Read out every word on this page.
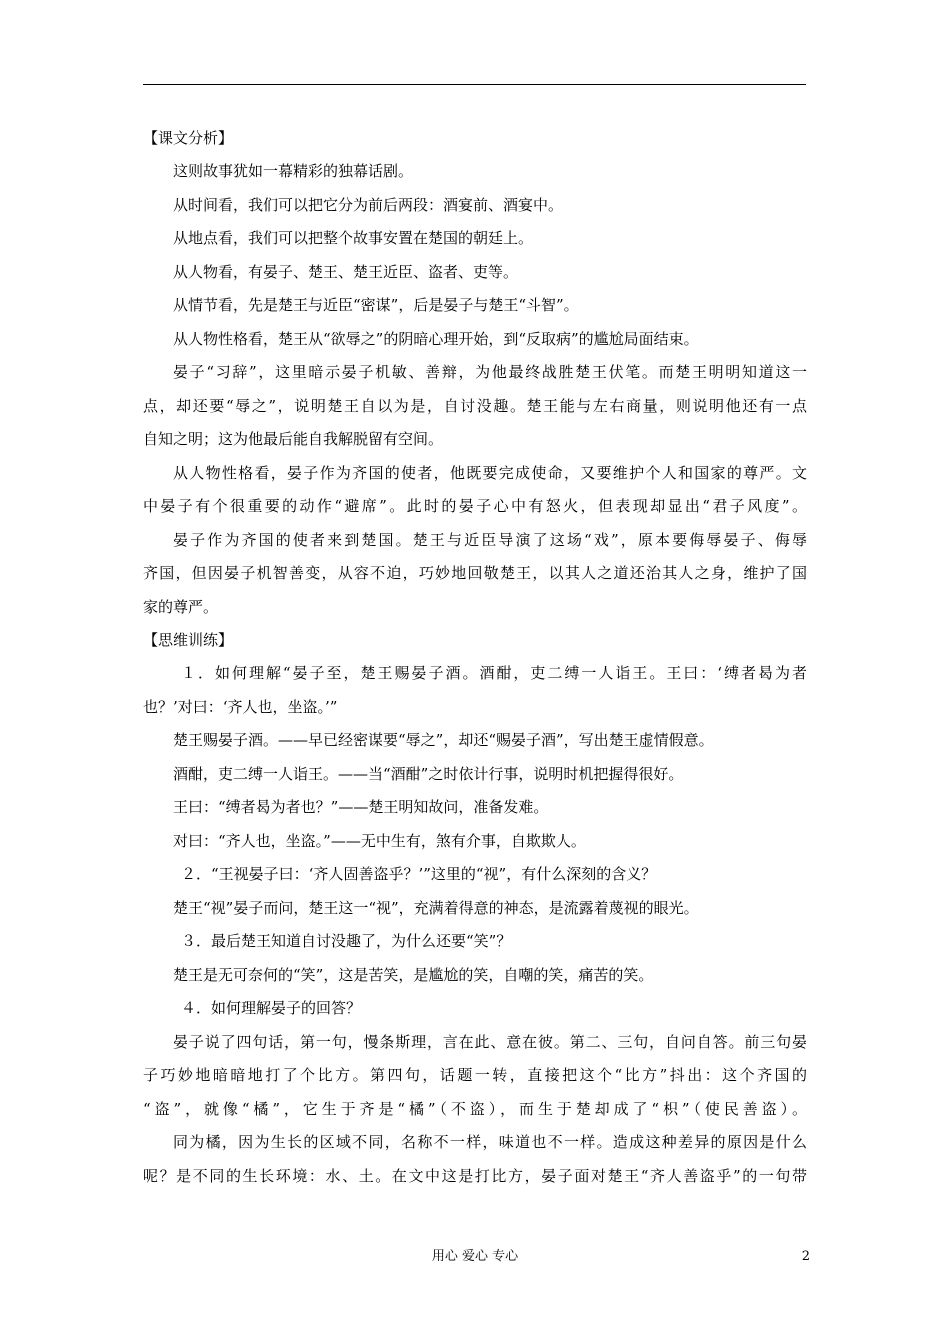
【课文分析】
这则故事犹如一幕精彩的独幕话剧。
从时间看，我们可以把它分为前后两段：酒宴前、酒宴中。
从地点看，我们可以把整个故事安置在楚国的朝廷上。
从人物看，有晏子、楚王、楚王近臣、盗者、吏等。
从情节看，先是楚王与近臣“密谋”，后是晏子与楚王“斗智”。
从人物性格看，楚王从“欲辱之”的阴暗心理开始，到“反取病”的尴尬局面结束。
晏子“习辞”，这里暗示晏子机敏、善辩，为他最终战胜楚王伏笔。而楚王明明知道这一
点，却还要“辱之”，说明楚王自以为是，自讨没趣。楚王能与左右商量，则说明他还有一点
自知之明；这为他最后能自我解脱留有空间。
从人物性格看，晏子作为齐国的使者，他既要完成使命，又要维护个人和国家的尊严。文
中晏子有个很重要的动作“避席”。此时的晏子心中有怒火，但表现却显出“君子风度”。
晏子作为齐国的使者来到楚国。楚王与近臣导演了这场“戏”，原本要侮辱晏子、侮辱
齐国，但因晏子机智善变，从容不迫，巧妙地回敬楚王，以其人之道还治其人之身，维护了国
家的尊严。
【思维训练】
１．如何理解“晏子至，楚王赐晏子酒。酒酣，吏二缚一人诣王。王曰：‘缚者曷为者
也？’对曰：‘齐人也，坐盗。’”
楚王赐晏子酒。——早已经密谋要“辱之”，却还“赐晏子酒”，写出楚王虚情假意。
酒酣，吏二缚一人诣王。——当“酒酣”之时依计行事，说明时机把握得很好。
王曰：“缚者曷为者也？”——楚王明知故问，准备发难。
对曰：“齐人也，坐盗。”——无中生有，煞有介事，自欺欺人。
２．“王视晏子曰：‘齐人固善盗乎？’”这里的“视”，有什么深刻的含义？
楚王“视”晏子而问，楚王这一“视”，充满着得意的神态，是流露着蔑视的眼光。
３．最后楚王知道自讨没趣了，为什么还要“笑”？
楚王是无可奈何的“笑”，这是苦笑，是尴尬的笑，自嘲的笑，痛苦的笑。
４．如何理解晏子的回答？
晏子说了四句话，第一句，慢条斯理，言在此、意在彼。第二、三句，自问自答。前三句晏
子巧妙地暗暗地打了个比方。第四句，话题一转，直接把这个“比方”抖出：这个齐国的
“盗”，就像“橘”，它生于齐是“橘”（不盗），而生于楚却成了“枳”（使民善盗）。
同为橘，因为生长的区域不同，名称不一样，味道也不一样。造成这种差异的原因是什么
呢？是不同的生长环境：水、土。在文中这是打比方，晏子面对楚王“齐人善盗乎”的一句带
用心 爱心 专心	2
